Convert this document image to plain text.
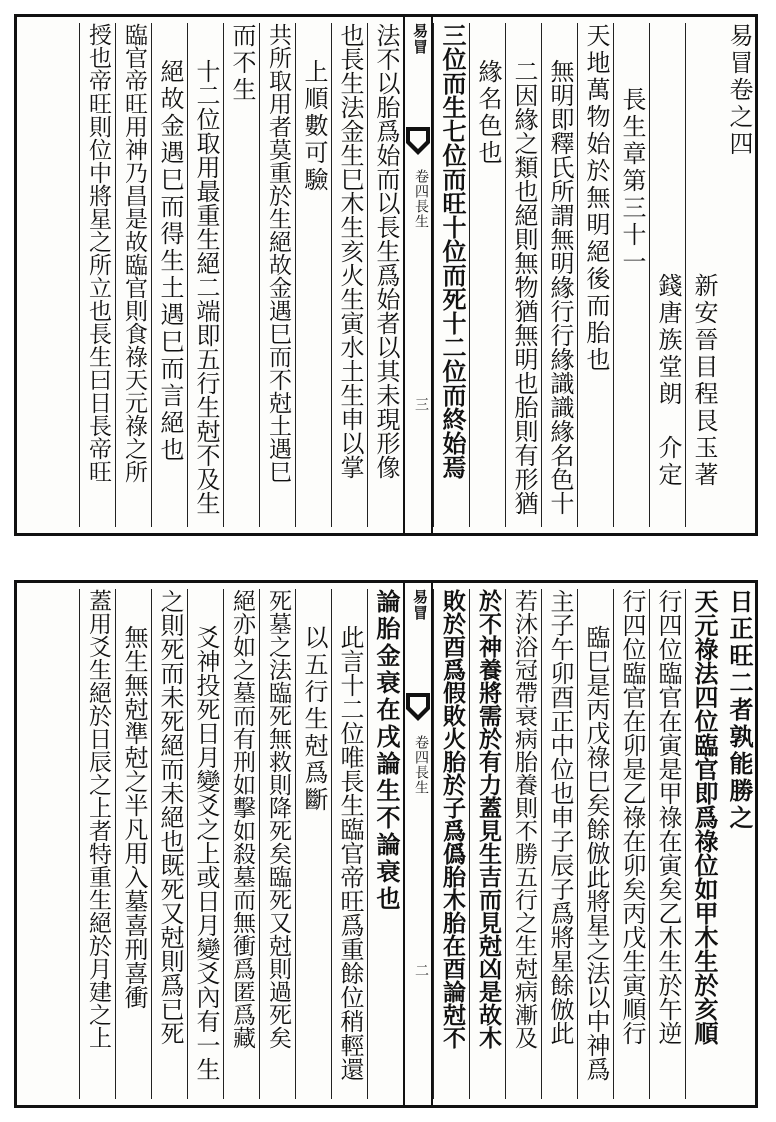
易冒卷之四
新安晉目程艮玉著
錢唐族堂朗　介定
長生章第三十一
天地萬物始於無明絕後而胎也
無明即釋氏所謂無明緣行行緣識識緣名色十
二因緣之類也絕則無物猶無明也胎則有形猶
緣名色也
三位而生七位而旺十位而死十二位而終始焉
易冒
卷四長生
三
法不以胎爲始而以長生爲始者以其未現形像
也長生法金生巳木生亥火生寅水土生申以掌
上順數可驗
共所取用者莫重於生絕故金遇巳而不尅土遇巳
而不生
十二位取用最重生絕二端即五行生尅不及生
絕故金遇巳而得生土遇巳而言絕也
臨官帝旺用神乃昌是故臨官則食祿天元祿之所
授也帝旺則位中將星之所立也長生曰日長帝旺
日正旺二者孰能勝之
天元祿法四位臨官即爲祿位如甲木生於亥順
行四位臨官在寅是甲祿在寅矣乙木生於午逆
行四位臨官在卯是乙祿在卯矣丙戊生寅順行
臨巳是丙戊祿巳矣餘倣此將星之法以中神爲
主子午卯酉正中位也申子辰子爲將星餘倣此
若沐浴冠帶衰病胎養則不勝五行之生尅病漸及
於不神養將需於有力蓋見生吉而見尅凶是故木
敗於酉爲假敗火胎於子爲僞胎木胎在酉論尅不
易冒
卷四長生
二
論胎金衰在戌論生不論衰也
此言十二位唯長生臨官帝旺爲重餘位稍輕還
以五行生尅爲斷
死墓之法臨死無救則降死矣臨死又尅則過死矣
絕亦如之墓而有刑如擊如殺墓而無衝爲匿爲藏
爻神投死日月變爻之上或日月變爻內有一生
之則死而未死絕而未絕也既死又尅則爲已死
無生無尅準尅之半凡用入墓喜刑喜衝
蓋用爻生絕於日辰之上者特重生絕於月建之上
